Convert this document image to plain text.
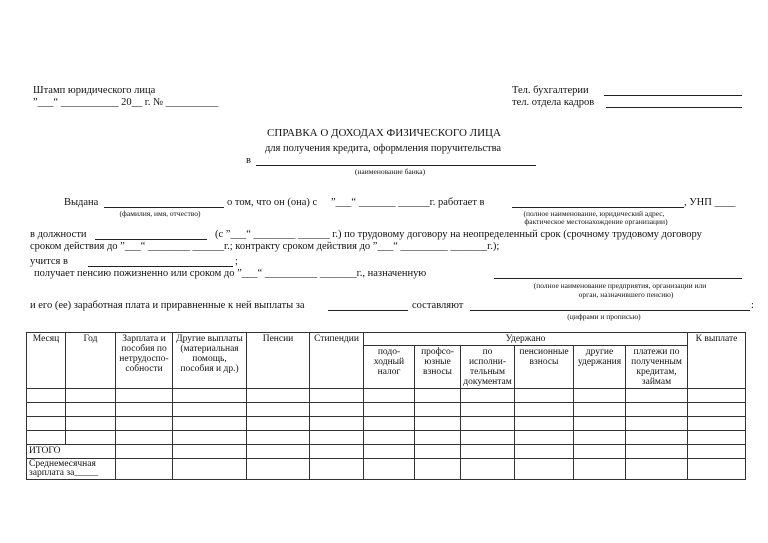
Штамп юридического лица
”___“ ___________ 20__ г. № __________
Тел. бухгалтерии
тел. отдела кадров
СПРАВКА О ДОХОДАХ ФИЗИЧЕСКОГО ЛИЦА
для получения кредита, оформления поручительства
в
(наименование банка)
Выдана	о том, что он (она) с ”___“ _______ ______г. работает в	, УНП ____
(фамилия, имя, отчество)	(полное наименование, юридический адрес,
фактическое местонахождение организации)
в должности	(с ”___“ ________ ______ г.) по трудовому договору на неопределенный срок (срочному трудовому договору
сроком действия до ”___“ ________ ______г.; контракту сроком действия до ”___“ _________ _______г.);
учится в	;
получает пенсию пожизненно или сроком до ”___“ __________ _______г., назначенную
(полное наименование предприятия, организации или
орган, назначившего пенсию)
и его (ее) заработная плата и приравненные к ней выплаты за	составляют	:
(цифрами и прописью)
Месяц	Год	Зарплата и пособия по нетрудоспо-собности	Другие выплаты (материальная помощь, пособия и др.)	Пенсии	Стипендии	Удержано						К выплате
						подо-ходный налог	профсо-юзные взносы	по исполни-тельным документам	пенсионные взносы	другие удержания	платежи по полученным кредитам, займам	

ИТОГО												
Среднемесячная зарплата за_____												
